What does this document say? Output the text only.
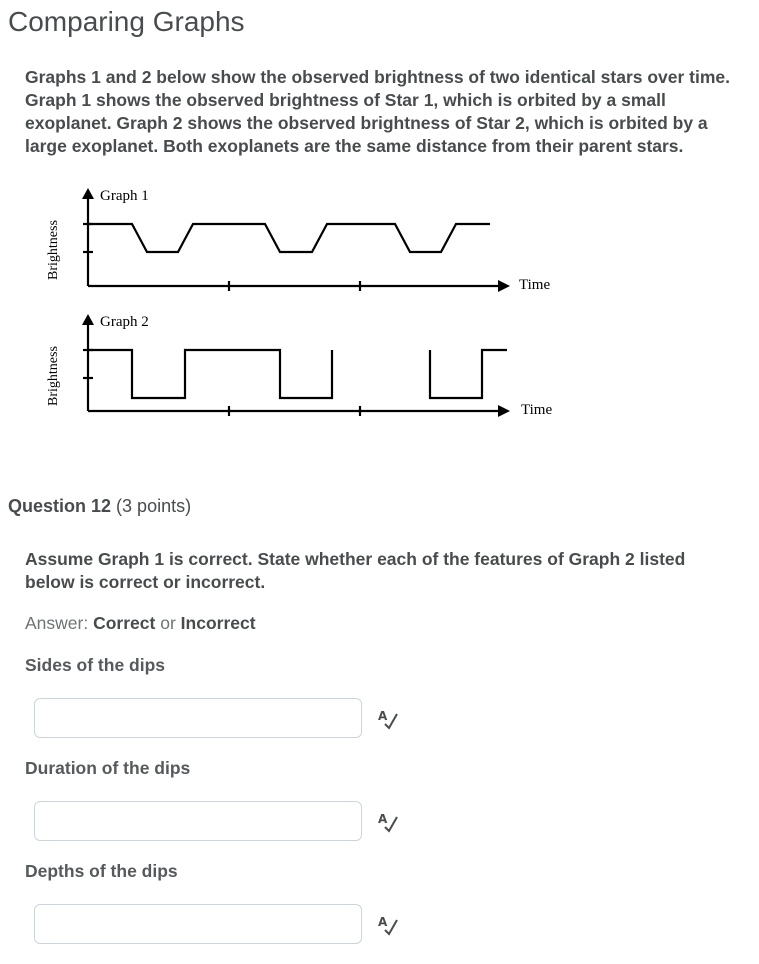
Comparing Graphs

Graphs 1 and 2 below show the observed brightness of two identical stars over time. Graph 1 shows the observed brightness of Star 1, which is orbited by a small exoplanet. Graph 2 shows the observed brightness of Star 2, which is orbited by a large exoplanet. Both exoplanets are the same distance from their parent stars.

Graph 1
Brightness
Time
Graph 2
Brightness
Time

Question 12 (3 points)

Assume Graph 1 is correct. State whether each of the features of Graph 2 listed below is correct or incorrect.

Answer: Correct or Incorrect

Sides of the dips

A

Duration of the dips

A

Depths of the dips

A
